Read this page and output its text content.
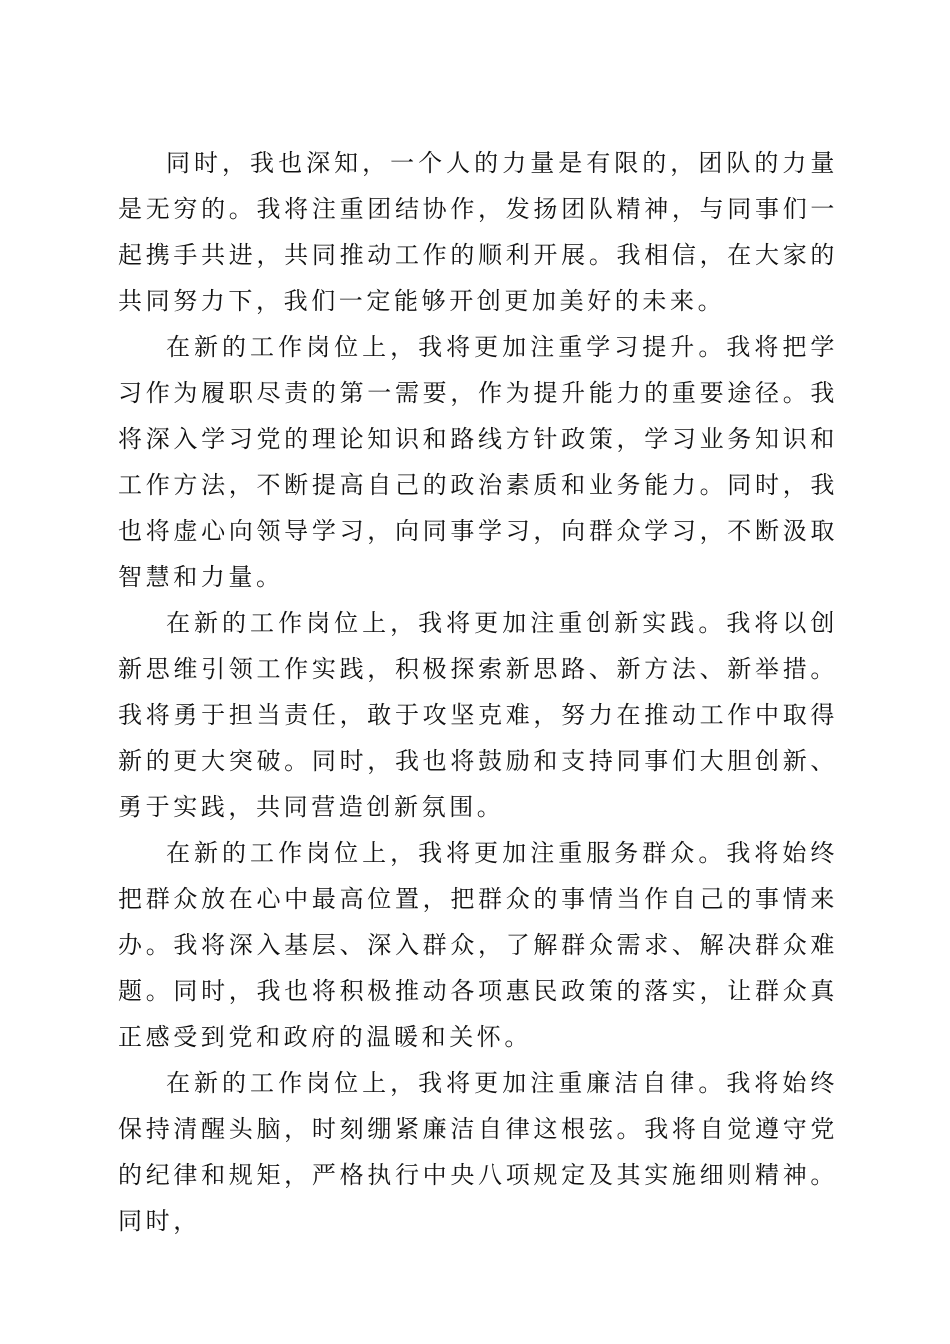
同时，我也深知，一个人的力量是有限的，团队的力量是无穷的。我将注重团结协作，发扬团队精神，与同事们一起携手共进，共同推动工作的顺利开展。我相信，在大家的共同努力下，我们一定能够开创更加美好的未来。

在新的工作岗位上，我将更加注重学习提升。我将把学习作为履职尽责的第一需要，作为提升能力的重要途径。我将深入学习党的理论知识和路线方针政策，学习业务知识和工作方法，不断提高自己的政治素质和业务能力。同时，我也将虚心向领导学习，向同事学习，向群众学习，不断汲取智慧和力量。

在新的工作岗位上，我将更加注重创新实践。我将以创新思维引领工作实践，积极探索新思路、新方法、新举措。我将勇于担当责任，敢于攻坚克难，努力在推动工作中取得新的更大突破。同时，我也将鼓励和支持同事们大胆创新、勇于实践，共同营造创新氛围。

在新的工作岗位上，我将更加注重服务群众。我将始终把群众放在心中最高位置，把群众的事情当作自己的事情来办。我将深入基层、深入群众，了解群众需求、解决群众难题。同时，我也将积极推动各项惠民政策的落实，让群众真正感受到党和政府的温暖和关怀。

在新的工作岗位上，我将更加注重廉洁自律。我将始终保持清醒头脑，时刻绷紧廉洁自律这根弦。我将自觉遵守党的纪律和规矩，严格执行中央八项规定及其实施细则精神。同时，
